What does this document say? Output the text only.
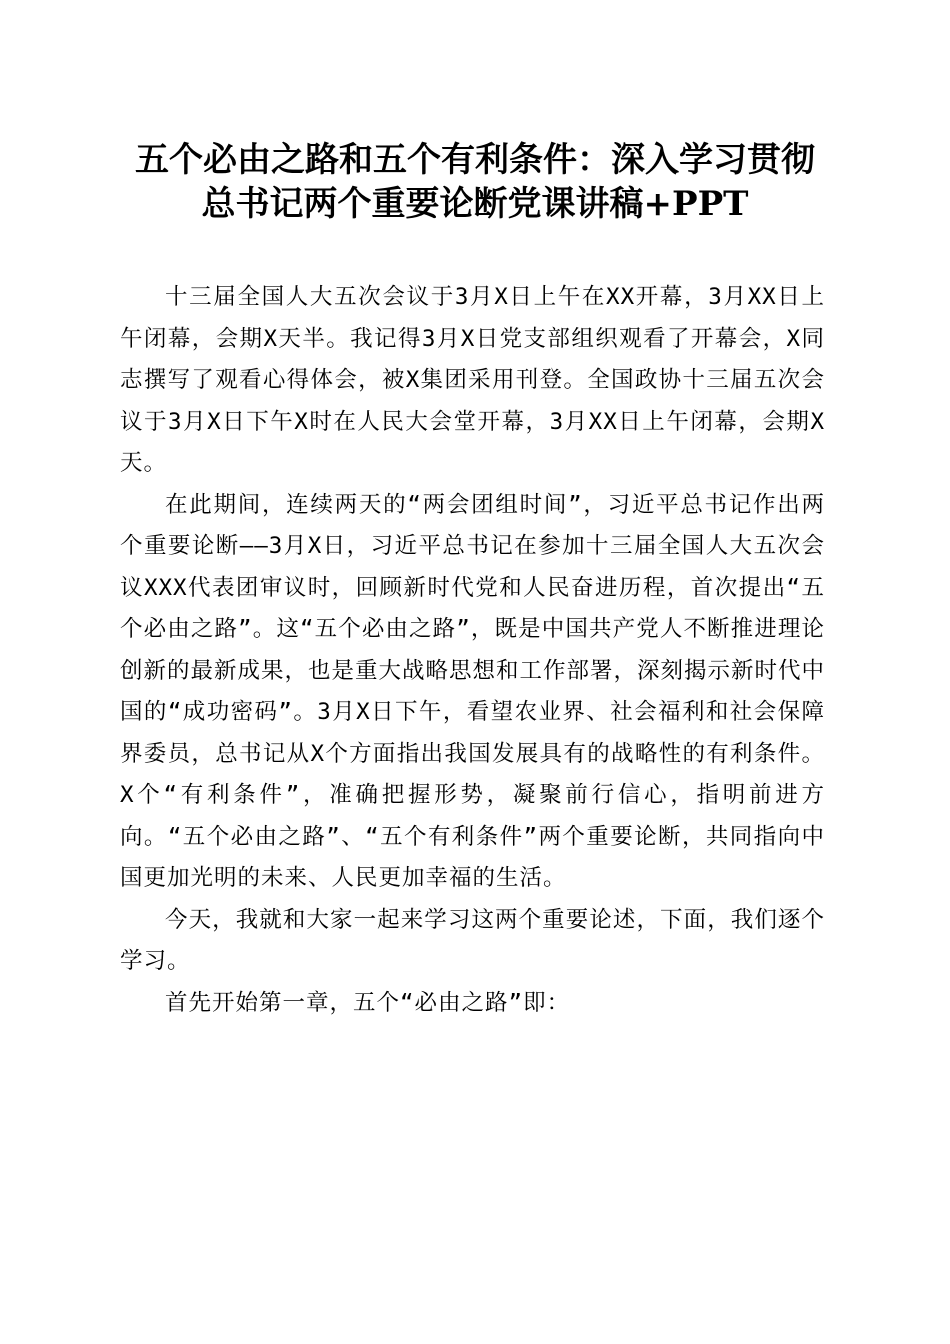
五个必由之路和五个有利条件：深入学习贯彻
总书记两个重要论断党课讲稿+PPT

十三届全国人大五次会议于3月X日上午在XX开幕，3月XX日上午闭幕，会期X天半。我记得3月X日党支部组织观看了开幕会，X同志撰写了观看心得体会，被X集团采用刊登。全国政协十三届五次会议于3月X日下午X时在人民大会堂开幕，3月XX日上午闭幕，会期X天。

在此期间，连续两天的“两会团组时间”，习近平总书记作出两个重要论断——3月X日，习近平总书记在参加十三届全国人大五次会议XXX代表团审议时，回顾新时代党和人民奋进历程，首次提出“五个必由之路”。这“五个必由之路”，既是中国共产党人不断推进理论创新的最新成果，也是重大战略思想和工作部署，深刻揭示新时代中国的“成功密码”。3月X日下午，看望农业界、社会福利和社会保障界委员，总书记从X个方面指出我国发展具有的战略性的有利条件。X个“有利条件”，准确把握形势，凝聚前行信心，指明前进方向。“五个必由之路”、“五个有利条件”两个重要论断，共同指向中国更加光明的未来、人民更加幸福的生活。

今天，我就和大家一起来学习这两个重要论述，下面，我们逐个学习。

首先开始第一章，五个“必由之路”即：
